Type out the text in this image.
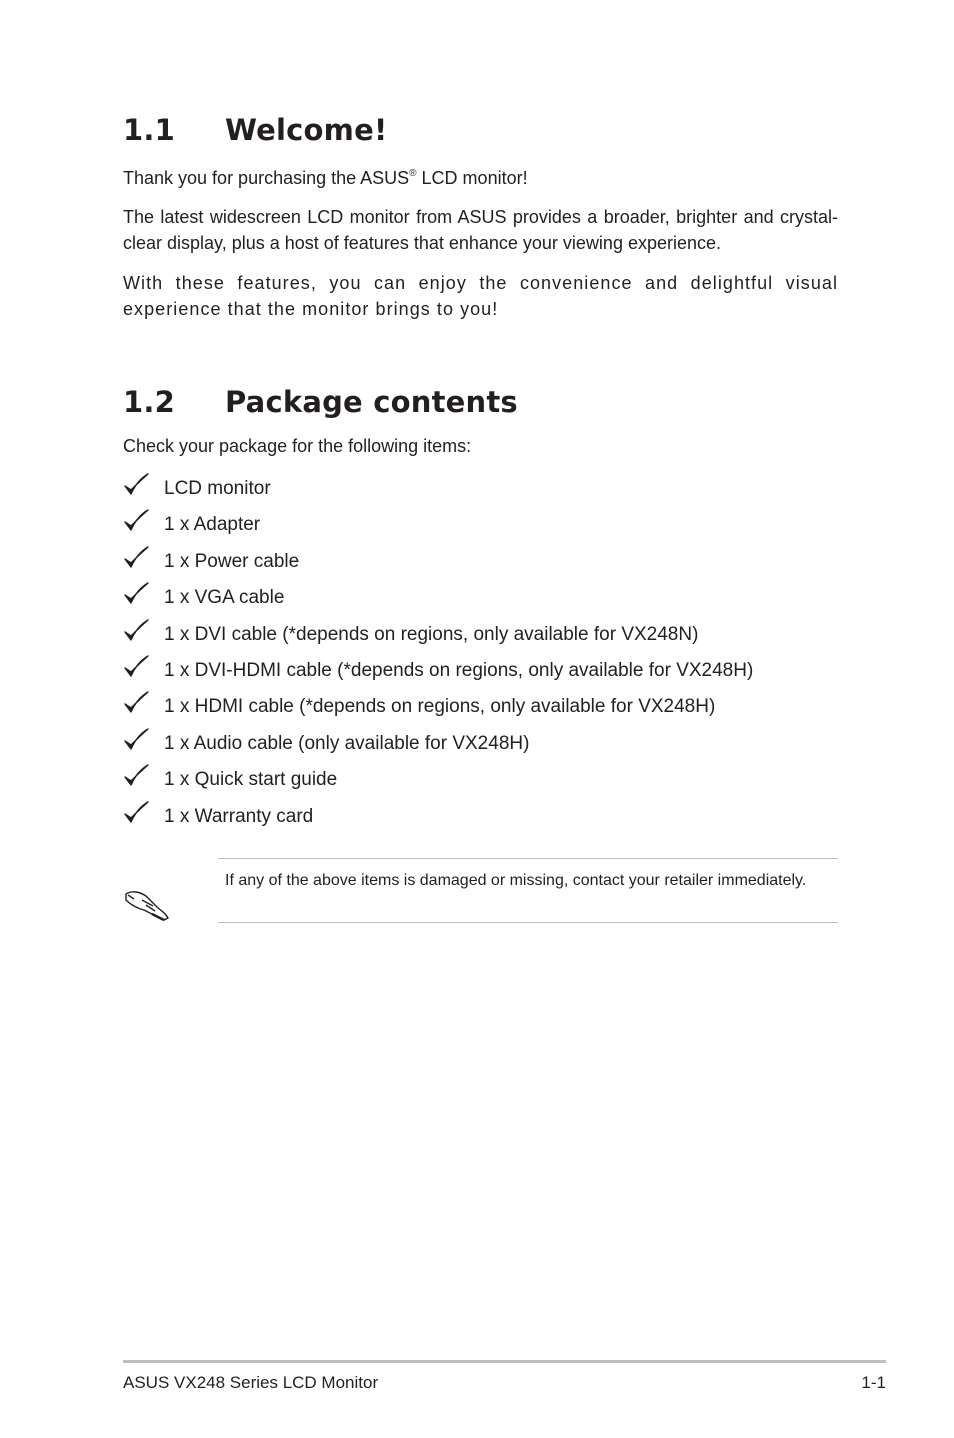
1.1 Welcome!

Thank you for purchasing the ASUS® LCD monitor!

The latest widescreen LCD monitor from ASUS provides a broader, brighter and crystal-clear display, plus a host of features that enhance your viewing experience.

With these features, you can enjoy the convenience and delightful visual experience that the monitor brings to you!

1.2 Package contents

Check your package for the following items:

LCD monitor
1 x Adapter
1 x Power cable
1 x VGA cable
1 x DVI cable (*depends on regions, only available for VX248N)
1 x DVI-HDMI cable (*depends on regions, only available for VX248H)
1 x HDMI cable (*depends on regions, only available for VX248H)
1 x Audio cable (only available for VX248H)
1 x Quick start guide
1 x Warranty card

If any of the above items is damaged or missing, contact your retailer immediately.

ASUS VX248 Series LCD Monitor	1-1
